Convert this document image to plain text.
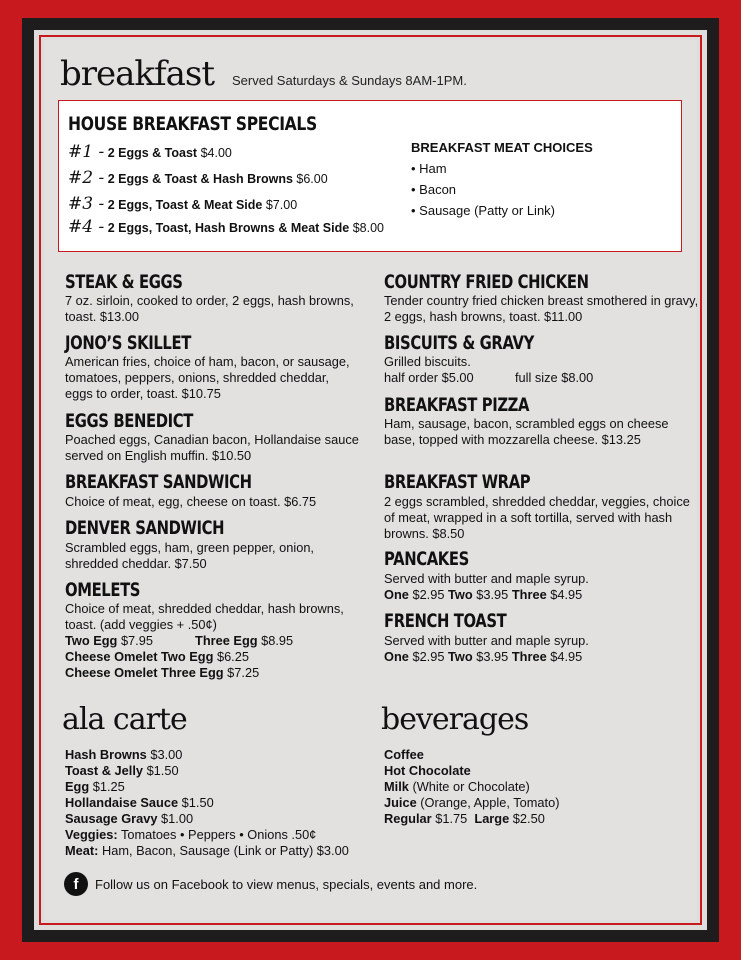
breakfast Served Saturdays & Sundays 8AM-1PM.
HOUSE BREAKFAST SPECIALS
#1 - 2 Eggs & Toast $4.00
#2 - 2 Eggs & Toast & Hash Browns $6.00
#3 - 2 Eggs, Toast & Meat Side $7.00
#4 - 2 Eggs, Toast, Hash Browns & Meat Side $8.00
BREAKFAST MEAT CHOICES
• Ham
• Bacon
• Sausage (Patty or Link)
STEAK & EGGS
7 oz. sirloin, cooked to order, 2 eggs, hash browns, toast. $13.00
JONO’S SKILLET
American fries, choice of ham, bacon, or sausage, tomatoes, peppers, onions, shredded cheddar, eggs to order, toast. $10.75
EGGS BENEDICT
Poached eggs, Canadian bacon, Hollandaise sauce served on English muffin. $10.50
BREAKFAST SANDWICH
Choice of meat, egg, cheese on toast. $6.75
DENVER SANDWICH
Scrambled eggs, ham, green pepper, onion, shredded cheddar. $7.50
OMELETS
Choice of meat, shredded cheddar, hash browns, toast. (add veggies + .50¢)
Two Egg $7.95	Three Egg $8.95
Cheese Omelet Two Egg $6.25
Cheese Omelet Three Egg $7.25
COUNTRY FRIED CHICKEN
Tender country fried chicken breast smothered in gravy, 2 eggs, hash browns, toast. $11.00
BISCUITS & GRAVY
Grilled biscuits.
half order $5.00	full size $8.00
BREAKFAST PIZZA
Ham, sausage, bacon, scrambled eggs on cheese base, topped with mozzarella cheese. $13.25
BREAKFAST WRAP
2 eggs scrambled, shredded cheddar, veggies, choice of meat, wrapped in a soft tortilla, served with hash browns. $8.50
PANCAKES
Served with butter and maple syrup.
One $2.95 Two $3.95 Three $4.95
FRENCH TOAST
Served with butter and maple syrup.
One $2.95 Two $3.95 Three $4.95
ala carte
Hash Browns $3.00
Toast & Jelly $1.50
Egg $1.25
Hollandaise Sauce $1.50
Sausage Gravy $1.00
Veggies: Tomatoes • Peppers • Onions .50¢
Meat: Ham, Bacon, Sausage (Link or Patty) $3.00
beverages
Coffee
Hot Chocolate
Milk (White or Chocolate)
Juice (Orange, Apple, Tomato)
Regular $1.75 Large $2.50
f	Follow us on Facebook to view menus, specials, events and more.
